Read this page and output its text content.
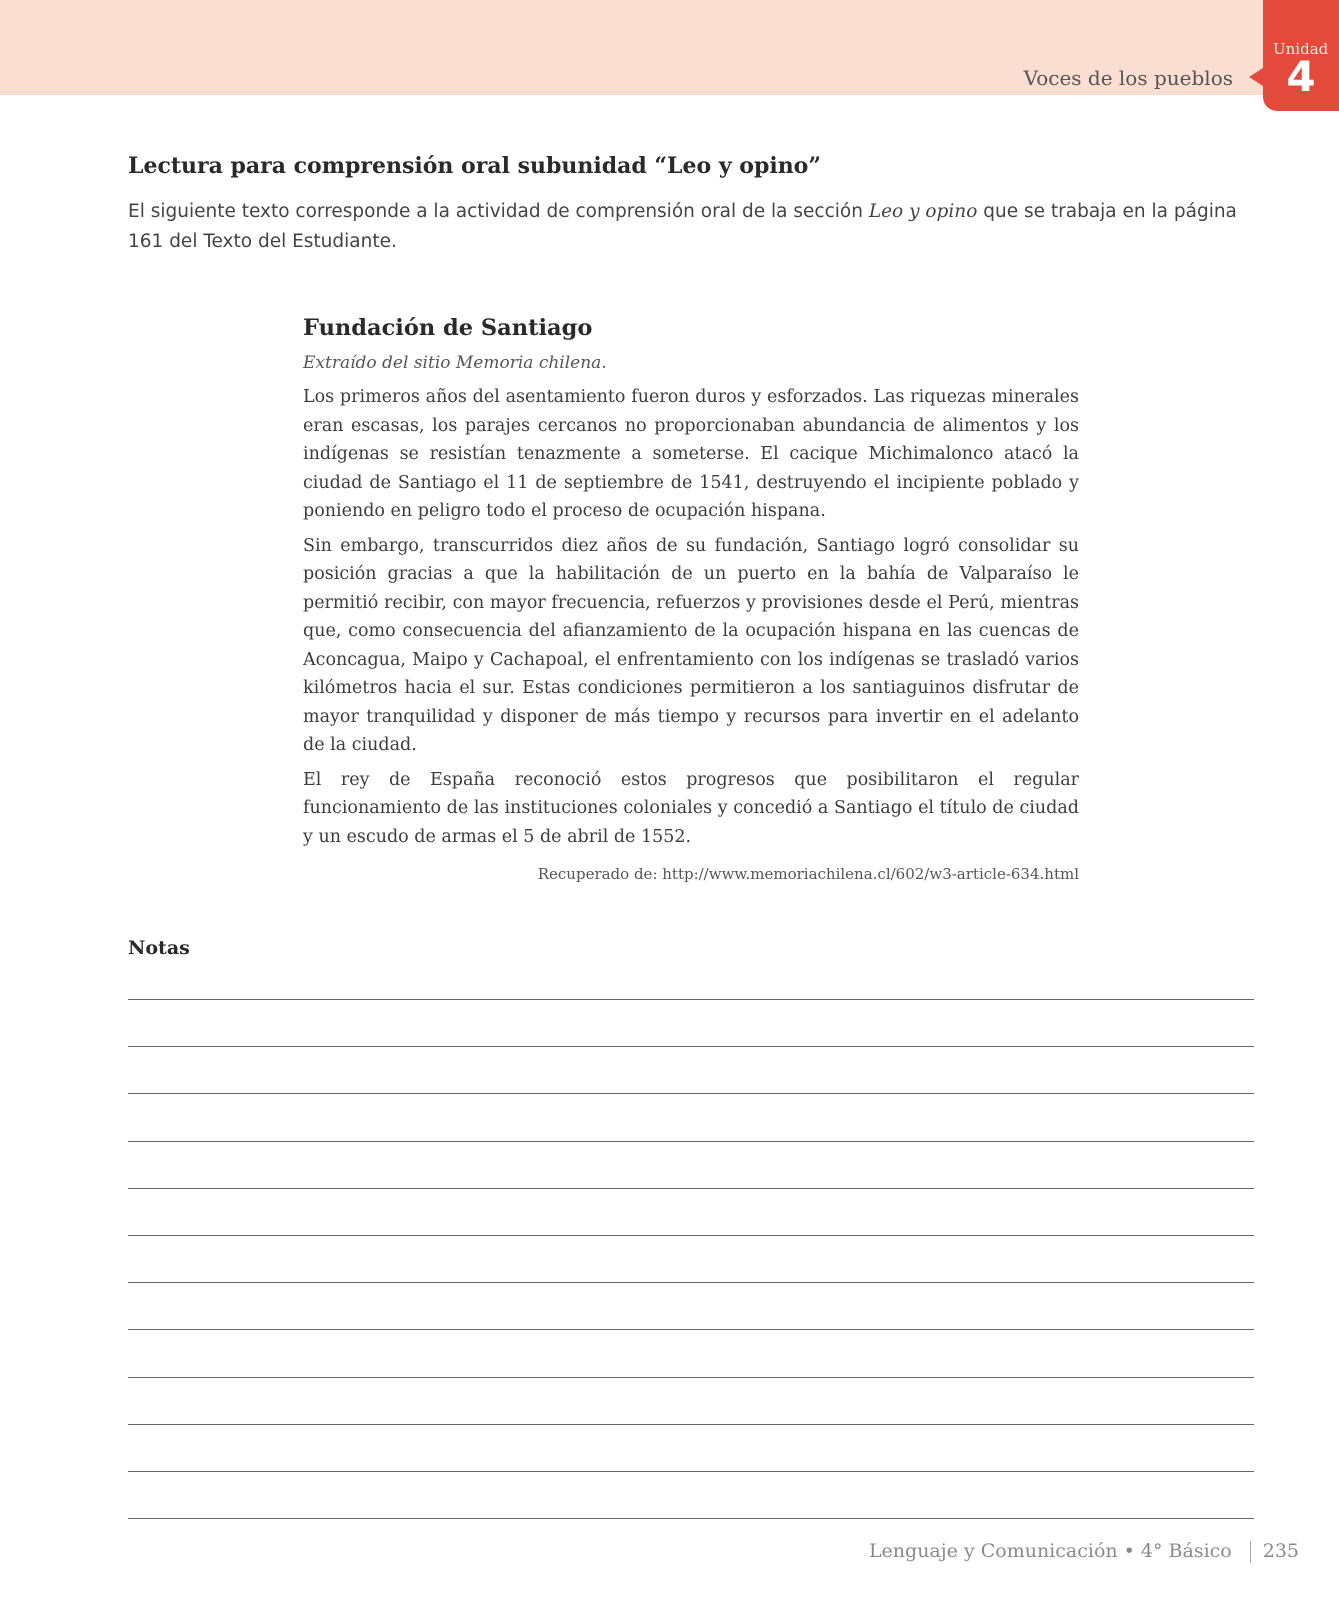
Voces de los pueblos
Unidad
4
Lectura para comprensión oral subunidad “Leo y opino”

El siguiente texto corresponde a la actividad de comprensión oral de la sección Leo y opino que se trabaja en la página 161 del Texto del Estudiante.

Fundación de Santiago

Extraído del sitio Memoria chilena.

Los primeros años del asentamiento fueron duros y esforzados. Las riquezas minerales eran escasas, los parajes cercanos no proporcionaban abundancia de alimentos y los indígenas se resistían tenazmente a someterse. El cacique Michimalonco atacó la ciudad de Santiago el 11 de septiembre de 1541, destruyendo el incipiente poblado y poniendo en peligro todo el proceso de ocupación hispana.

Sin embargo, transcurridos diez años de su fundación, Santiago logró consolidar su posición gracias a que la habilitación de un puerto en la bahía de Valparaíso le permitió recibir, con mayor frecuencia, refuerzos y provisiones desde el Perú, mientras que, como consecuencia del afianzamiento de la ocupación hispana en las cuencas de Aconcagua, Maipo y Cachapoal, el enfrentamiento con los indígenas se trasladó varios kilómetros hacia el sur. Estas condiciones permitieron a los santiaguinos disfrutar de mayor tranquilidad y disponer de más tiempo y recursos para invertir en el adelanto de la ciudad.

El rey de España reconoció estos progresos que posibilitaron el regular funcionamiento de las instituciones coloniales y concedió a Santiago el título de ciudad y un escudo de armas el 5 de abril de 1552.

Recuperado de: http://www.memoriachilena.cl/602/w3-article-634.html

Notas
Lenguaje y Comunicación • 4° Básico 235
